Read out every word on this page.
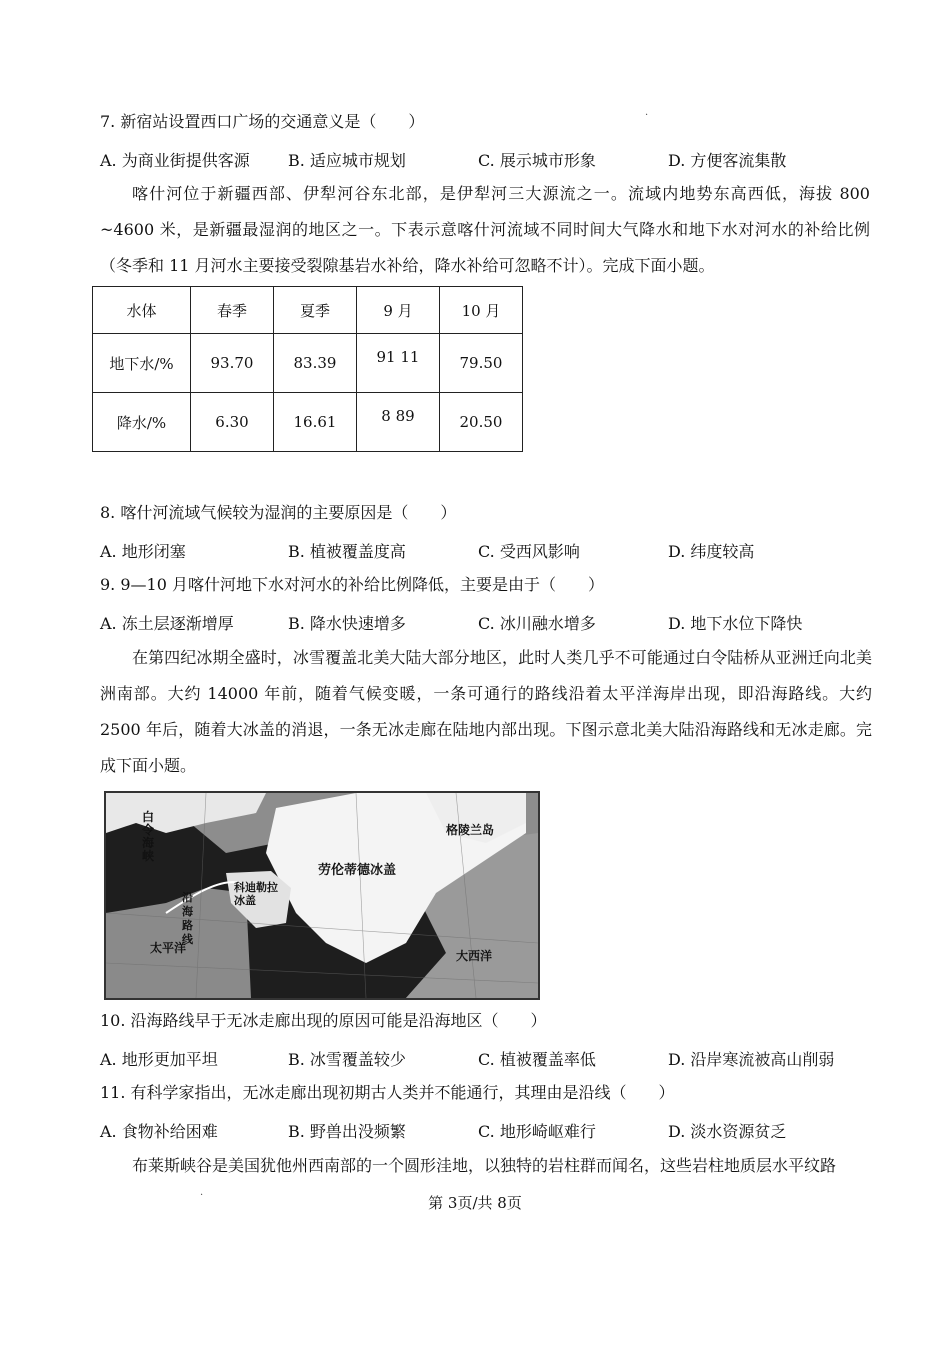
·
7. 新宿站设置西口广场的交通意义是（　　）
A. 为商业街提供客源 B. 适应城市规划	C. 展示城市形象	D. 方便客流集散
喀什河位于新疆西部、伊犁河谷东北部，是伊犁河三大源流之一。流域内地势东高西低，海拔 800 ~4600 米，是新疆最湿润的地区之一。下表示意喀什河流域不同时间大气降水和地下水对河水的补给比例（冬季和 11 月河水主要接受裂隙基岩水补给，降水补给可忽略不计）。完成下面小题。
水体	春季	夏季	9 月	10 月
地下水/%	93.70	83.39	91 11	79.50
降水/%	6.30	16.61	8 89	20.50
8. 喀什河流域气候较为湿润的主要原因是（　　）
A. 地形闭塞	B. 植被覆盖度高	C. 受西风影响	D. 纬度较高
9. 9—10 月喀什河地下水对河水的补给比例降低，主要是由于（　　）
A. 冻土层逐渐增厚	B. 降水快速增多	C. 冰川融水增多	D. 地下水位下降快
在第四纪冰期全盛时，冰雪覆盖北美大陆大部分地区，此时人类几乎不可能通过白令陆桥从亚洲迁向北美洲南部。大约 14000 年前，随着气候变暖，一条可通行的路线沿着太平洋海岸出现，即沿海路线。大约 2500 年后，随着大冰盖的消退，一条无冰走廊在陆地内部出现。下图示意北美大陆沿海路线和无冰走廊。完成下面小题。
白令海峡
格陵兰岛
劳伦蒂德冰盖
科迪勒拉冰盖
沿海路线
太平洋
大西洋
10. 沿海路线早于无冰走廊出现的原因可能是沿海地区（　　）
A. 地形更加平坦	B. 冰雪覆盖较少	C. 植被覆盖率低	D. 沿岸寒流被高山削弱
11. 有科学家指出，无冰走廊出现初期古人类并不能通行，其理由是沿线（　　）
A. 食物补给困难	B. 野兽出没频繁	C. 地形崎岖难行	D. 淡水资源贫乏
布莱斯峡谷是美国犹他州西南部的一个圆形洼地，以独特的岩柱群而闻名，这些岩柱地质层水平纹路
·	第 3页/共 8页
